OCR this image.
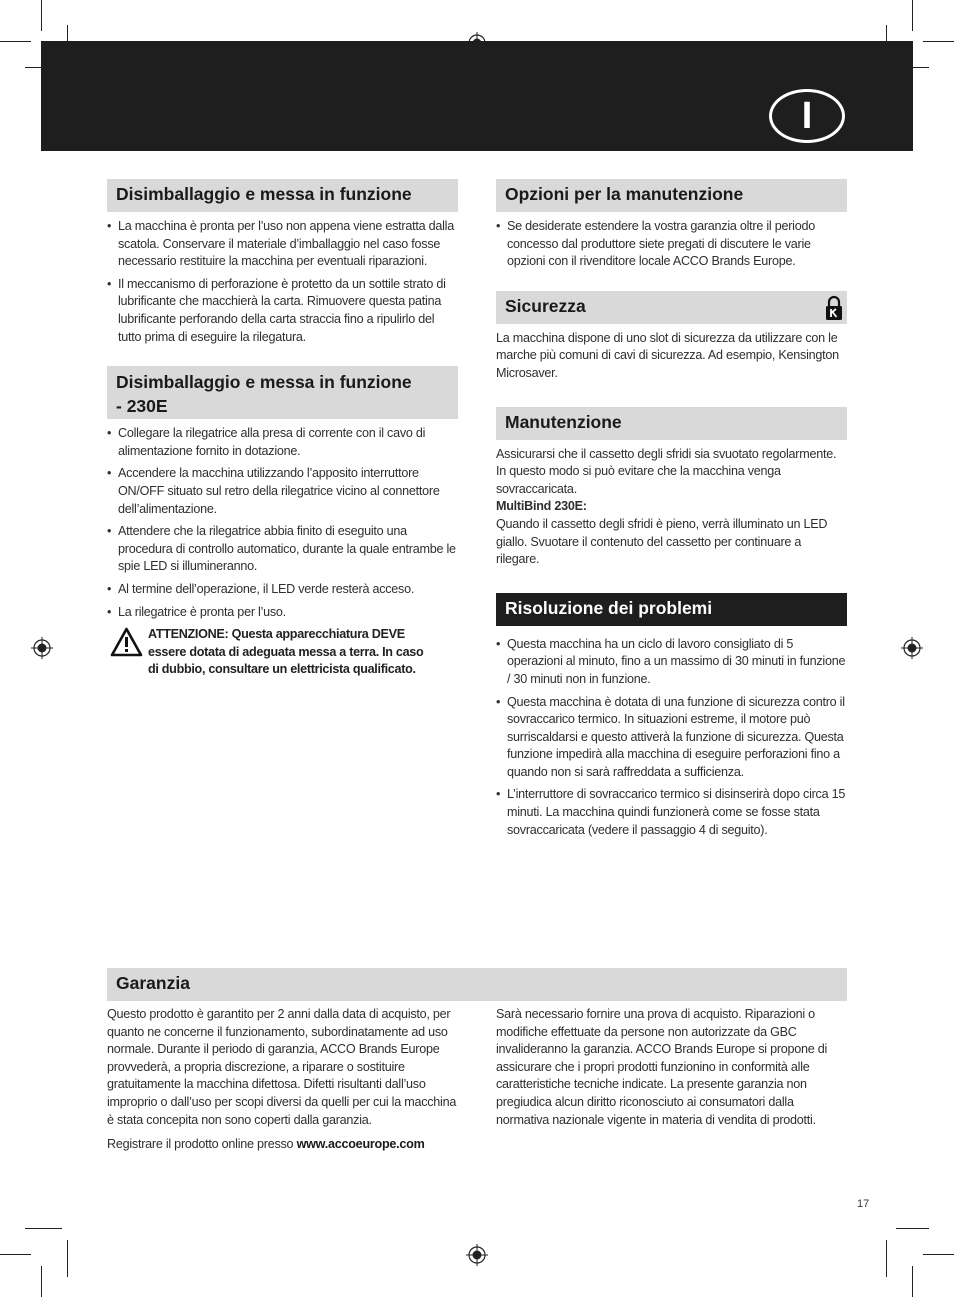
I
Disimballaggio e messa in funzione
• La macchina è pronta per l’uso non appena viene estratta dalla scatola. Conservare il materiale d’imballaggio nel caso fosse necessario restituire la macchina per eventuali riparazioni.
• Il meccanismo di perforazione è protetto da un sottile strato di lubrificante che macchierà la carta. Rimuovere questa patina lubrificante perforando della carta straccia fino a ripulirlo del tutto prima di eseguire la rilegatura.
Disimballaggio e messa in funzione - 230E
• Collegare la rilegatrice alla presa di corrente con il cavo di alimentazione fornito in dotazione.
• Accendere la macchina utilizzando l’apposito interruttore ON/OFF situato sul retro della rilegatrice vicino al connettore dell’alimentazione.
• Attendere che la rilegatrice abbia finito di eseguito una procedura di controllo automatico, durante la quale entrambe le spie LED si illumineranno.
• Al termine dell’operazione, il LED verde resterà acceso.
• La rilegatrice è pronta per l’uso.
ATTENZIONE: Questa apparecchiatura DEVE essere dotata di adeguata messa a terra. In caso di dubbio, consultare un elettricista qualificato.
Opzioni per la manutenzione
• Se desiderate estendere la vostra garanzia oltre il periodo concesso dal produttore siete pregati di discutere le varie opzioni con il rivenditore locale ACCO Brands Europe.
Sicurezza

La macchina dispone di uno slot di sicurezza da utilizzare con le marche più comuni di cavi di sicurezza. Ad esempio, Kensington Microsaver.

Manutenzione

Assicurarsi che il cassetto degli sfridi sia svuotato regolarmente. In questo modo si può evitare che la macchina venga sovraccaricata.

MultiBind 230E:

Quando il cassetto degli sfridi è pieno, verrà illuminato un LED giallo. Svuotare il contenuto del cassetto per continuare a rilegare.

Risoluzione dei problemi
• Questa macchina ha un ciclo di lavoro consigliato di 5 operazioni al minuto, fino a un massimo di 30 minuti in funzione / 30 minuti non in funzione.
• Questa macchina è dotata di una funzione di sicurezza contro il sovraccarico termico. In situazioni estreme, il motore può surriscaldarsi e questo attiverà la funzione di sicurezza. Questa funzione impedirà alla macchina di eseguire perforazioni fino a quando non si sarà raffreddata a sufficienza.
• L’interruttore di sovraccarico termico si disinserirà dopo circa 15 minuti. La macchina quindi funzionerà come se fosse stata sovraccaricata (vedere il passaggio 4 di seguito).
Garanzia

Questo prodotto è garantito per 2 anni dalla data di acquisto, per quanto ne concerne il funzionamento, subordinatamente ad uso normale. Durante il periodo di garanzia, ACCO Brands Europe provvederà, a propria discrezione, a riparare o sostituire gratuitamente la macchina difettosa. Difetti risultanti dall’uso improprio o dall’uso per scopi diversi da quelli per cui la macchina è stata concepita non sono coperti dalla garanzia.

Registrare il prodotto online presso www.accoeurope.com

Sarà necessario fornire una prova di acquisto. Riparazioni o modifiche effettuate da persone non autorizzate da GBC invalideranno la garanzia. ACCO Brands Europe si propone di assicurare che i propri prodotti funzionino in conformità alle caratteristiche tecniche indicate. La presente garanzia non pregiudica alcun diritto riconosciuto ai consumatori dalla normativa nazionale vigente in materia di vendita di prodotti.

17
